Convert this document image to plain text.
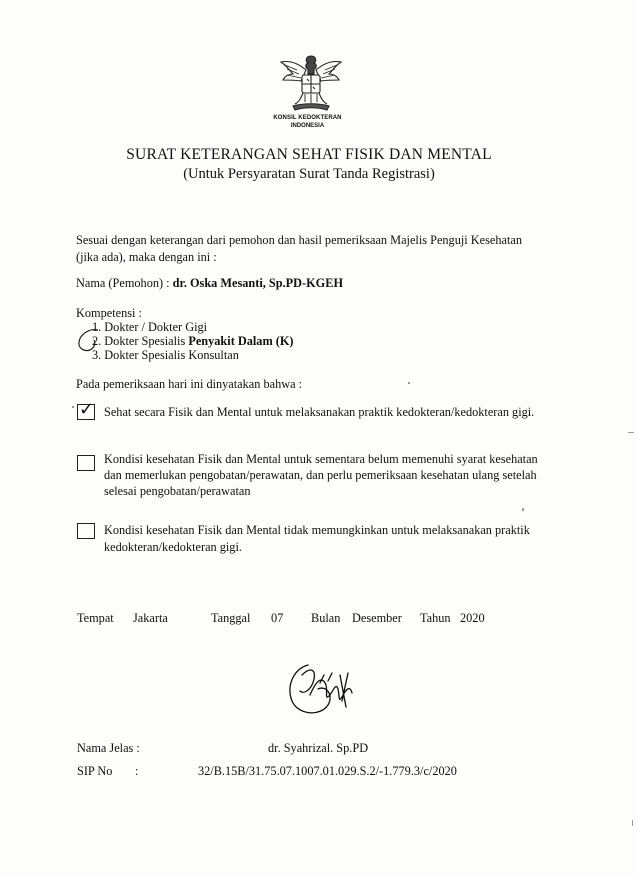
KONSIL KEDOKTERAN
INDONESIA
SURAT KETERANGAN SEHAT FISIK DAN MENTAL
(Untuk Persyaratan Surat Tanda Registrasi)
Sesuai dengan keterangan dari pemohon dan hasil pemeriksaan Majelis Penguji Kesehatan
(jika ada), maka dengan ini :
Nama (Pemohon) : dr. Oska Mesanti, Sp.PD-KGEH
Kompetensi :
1. Dokter / Dokter Gigi
2. Dokter Spesialis Penyakit Dalam (K)
3. Dokter Spesialis Konsultan
Pada pemeriksaan hari ini dinyatakan bahwa :
✓ Sehat secara Fisik dan Mental untuk melaksanakan praktik kedokteran/kedokteran gigi.
Kondisi kesehatan Fisik dan Mental untuk sementara belum memenuhi syarat kesehatan
dan memerlukan pengobatan/perawatan, dan perlu pemeriksaan kesehatan ulang setelah
selesai pengobatan/perawatan
Kondisi kesehatan Fisik dan Mental tidak memungkinkan untuk melaksanakan praktik
kedokteran/kedokteran gigi.
Tempat Jakarta	Tanggal 07 Bulan Desember Tahun 2020
Nama Jelas :	dr. Syahrizal. Sp.PD
SIP No :	32/B.15B/31.75.07.1007.01.029.S.2/-1.779.3/c/2020
